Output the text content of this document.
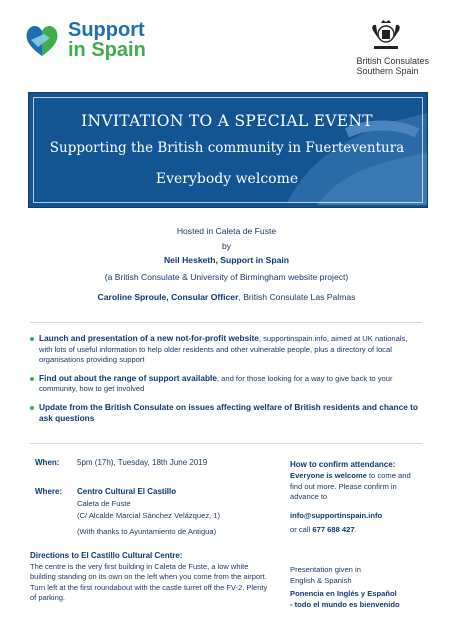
Support
in Spain	British Consulates
Southern Spain
INVITATION TO A SPECIAL EVENT
Supporting the British community in Fuerteventura
Everybody welcome
Hosted in Caleta de Fuste
by
Neil Hesketh, Support in Spain
(a British Consulate & University of Birmingham website project)
Caroline Sproule, Consular Officer, British Consulate Las Palmas
Launch and presentation of a new not-for-profit website, supportinspain.info, aimed at UK nationals, with lots of useful information to help older residents and other vulnerable people, plus a directory of local organisations providing support
Find out about the range of support available, and for those looking for a way to give back to your community, how to get involved
Update from the British Consulate on issues affecting welfare of British residents and chance to ask questions
When: 5pm (17h), Tuesday, 18th June 2019
Where: Centro Cultural El Castillo
Caleta de Fuste
(C/ Alcalde Marcial Sánchez Velázquez, 1)
(With thanks to Ayuntamiento de Antigua)
How to confirm attendance:
Everyone is welcome to come and find out more. Please confirm in advance to
info@supportinspain.info
or call 677 688 427.
Directions to El Castillo Cultural Centre:
The centre is the very first building in Caleta de Fuste, a low white building standing on its own on the left when you come from the airport. Turn left at the first roundabout with the castle turret off the FV-2. Plenty of parking.
Presentation given in
English & Spanish
Ponencia en Inglés y Español
- todo el mundo es bienvenido
